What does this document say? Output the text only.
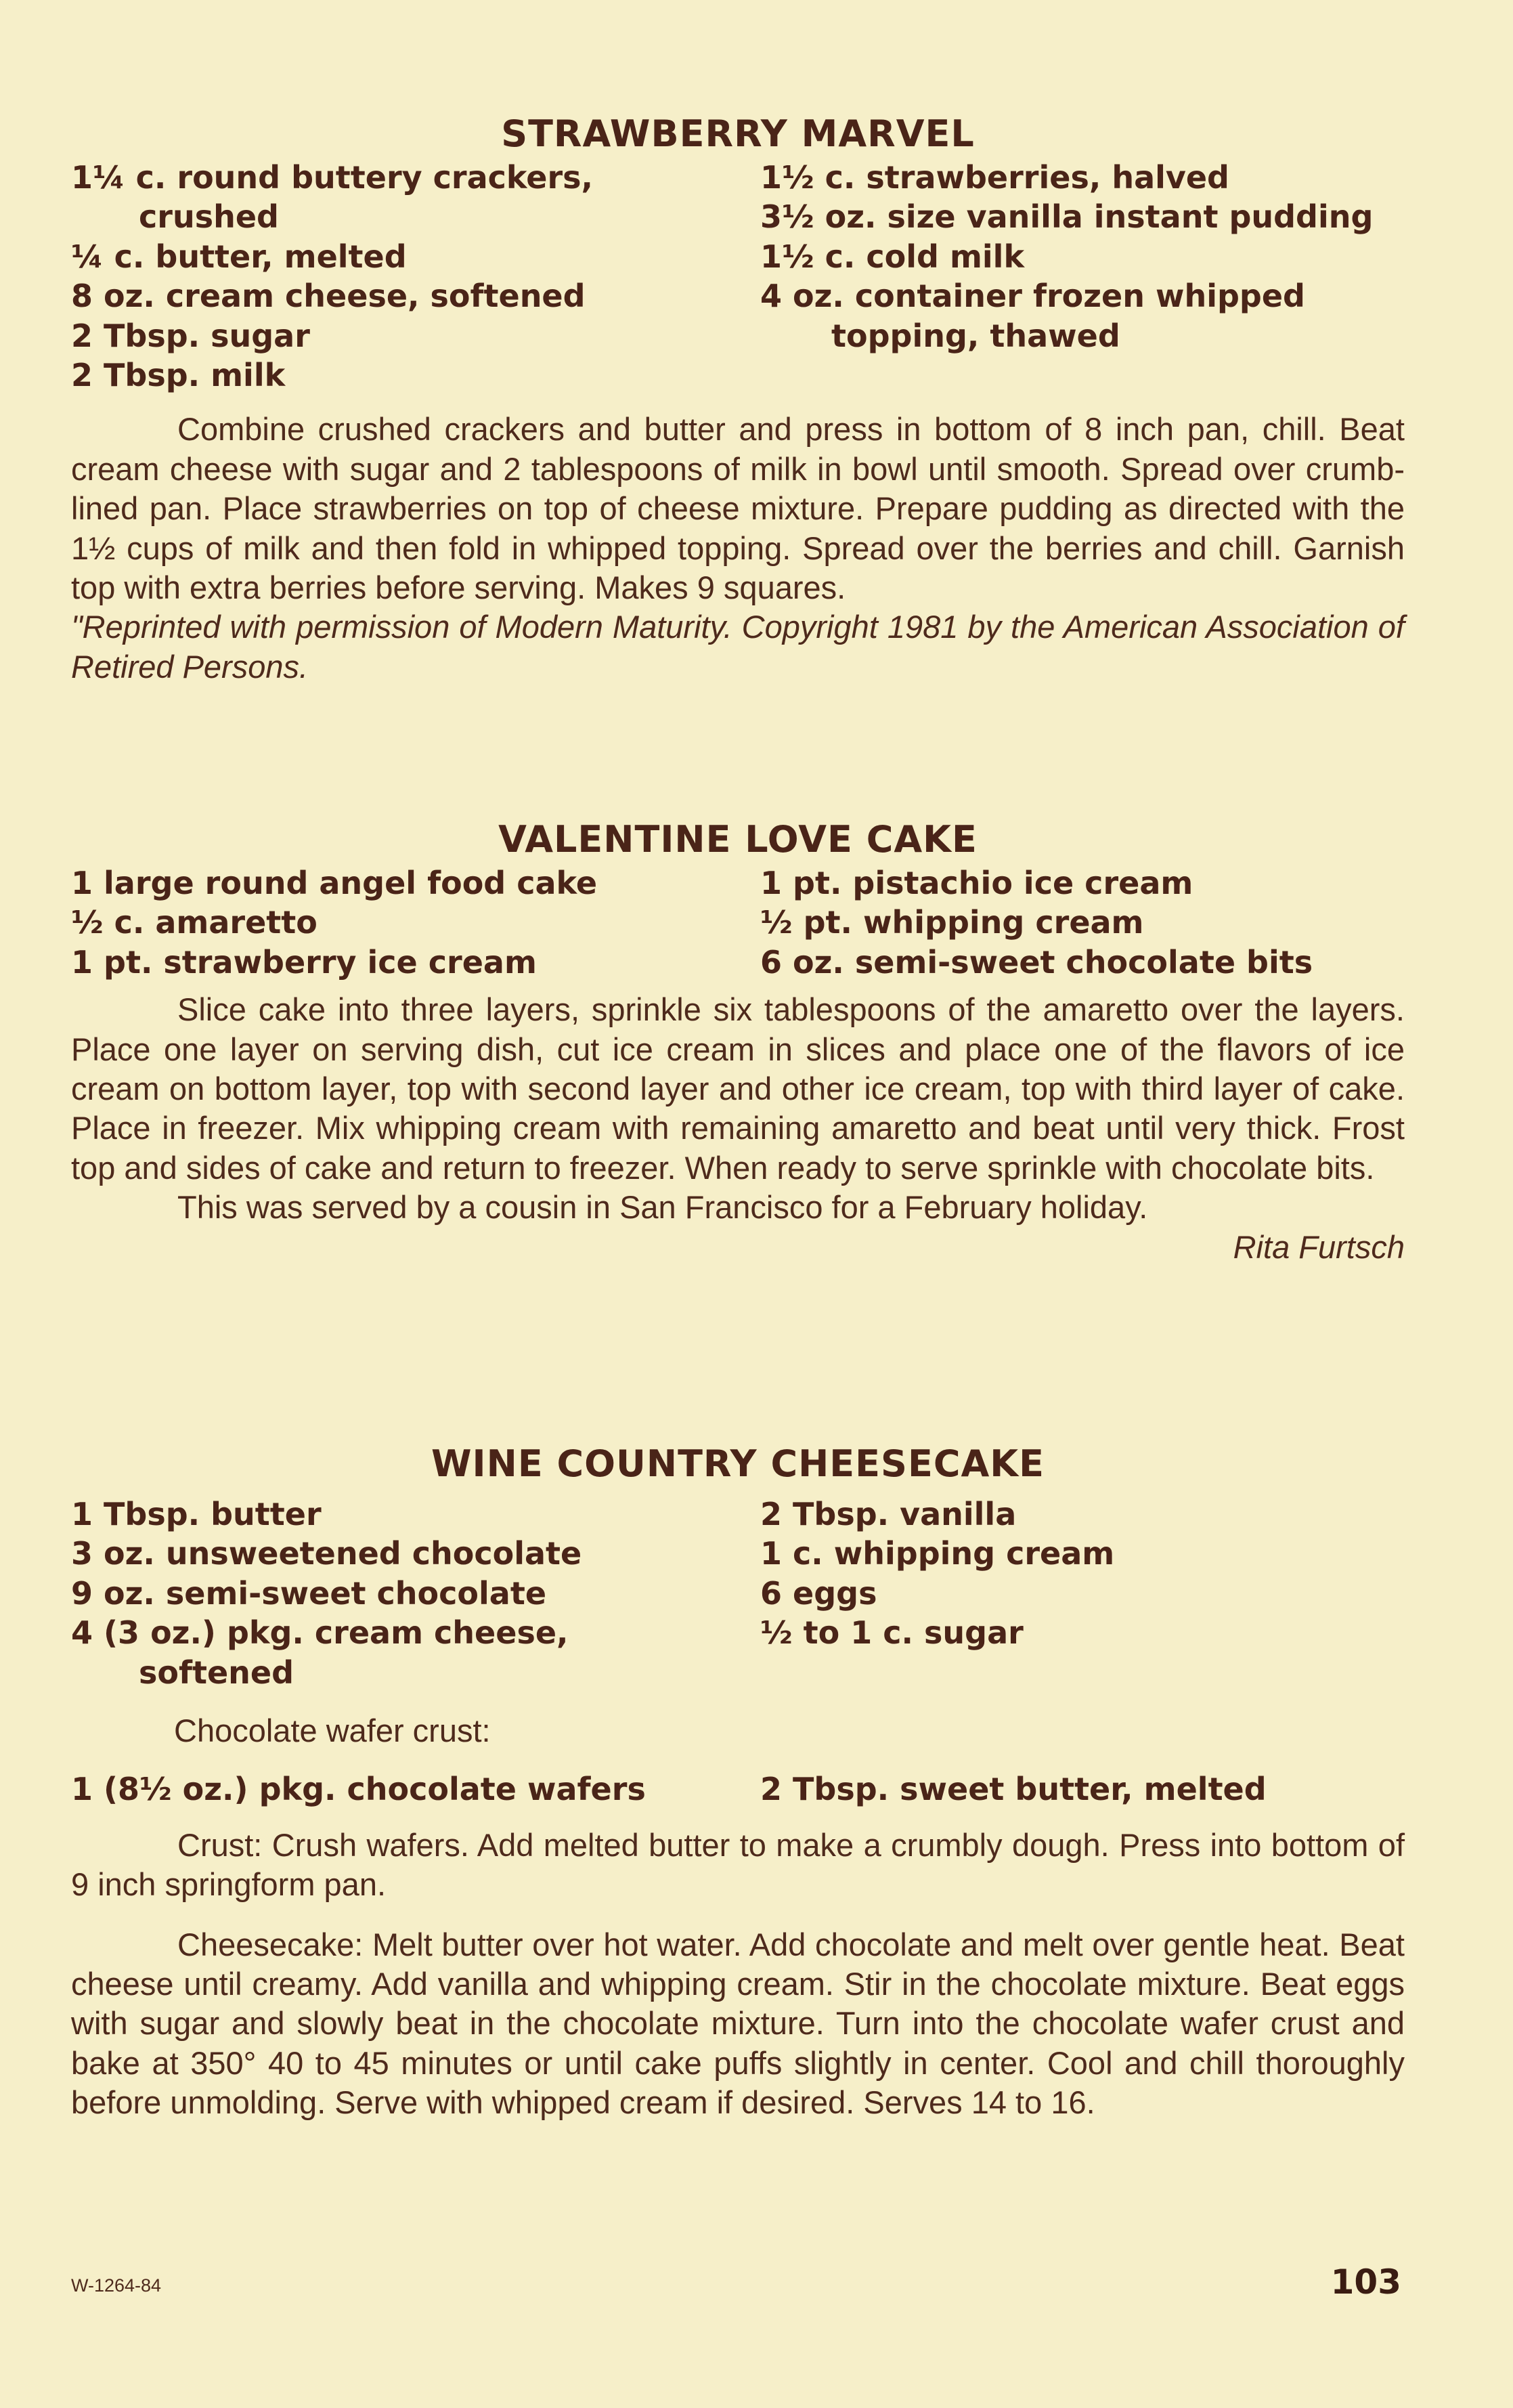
STRAWBERRY MARVEL
1¼ c. round buttery crackers,
crushed
¼ c. butter, melted
8 oz. cream cheese, softened
2 Tbsp. sugar
2 Tbsp. milk
1½ c. strawberries, halved
3½ oz. size vanilla instant pudding
1½ c. cold milk
4 oz. container frozen whipped
topping, thawed
Combine crushed crackers and butter and press in bottom of 8 inch pan, chill. Beat cream cheese with sugar and 2 tablespoons of milk in bowl until smooth. Spread over crumb-lined pan. Place strawberries on top of cheese mixture. Prepare pudding as directed with the 1½ cups of milk and then fold in whipped topping. Spread over the berries and chill. Garnish top with extra berries before serving. Makes 9 squares.
"Reprinted with permission of Modern Maturity. Copyright 1981 by the American Association of Retired Persons.
VALENTINE LOVE CAKE
1 large round angel food cake
½ c. amaretto
1 pt. strawberry ice cream
1 pt. pistachio ice cream
½ pt. whipping cream
6 oz. semi-sweet chocolate bits
Slice cake into three layers, sprinkle six tablespoons of the amaretto over the layers. Place one layer on serving dish, cut ice cream in slices and place one of the flavors of ice cream on bottom layer, top with second layer and other ice cream, top with third layer of cake. Place in freezer. Mix whipping cream with remaining amaretto and beat until very thick. Frost top and sides of cake and return to freezer. When ready to serve sprinkle with chocolate bits.
This was served by a cousin in San Francisco for a February holiday.
Rita Furtsch
WINE COUNTRY CHEESECAKE
1 Tbsp. butter
3 oz. unsweetened chocolate
9 oz. semi-sweet chocolate
4 (3 oz.) pkg. cream cheese,
softened
2 Tbsp. vanilla
1 c. whipping cream
6 eggs
½ to 1 c. sugar
Chocolate wafer crust:
1 (8½ oz.) pkg. chocolate wafers	2 Tbsp. sweet butter, melted
Crust: Crush wafers. Add melted butter to make a crumbly dough. Press into bottom of 9 inch springform pan.
Cheesecake: Melt butter over hot water. Add chocolate and melt over gentle heat. Beat cheese until creamy. Add vanilla and whipping cream. Stir in the chocolate mixture. Beat eggs with sugar and slowly beat in the chocolate mixture. Turn into the chocolate wafer crust and bake at 350° 40 to 45 minutes or until cake puffs slightly in center. Cool and chill thoroughly before unmolding. Serve with whipped cream if desired. Serves 14 to 16.
W-1264-84	103
